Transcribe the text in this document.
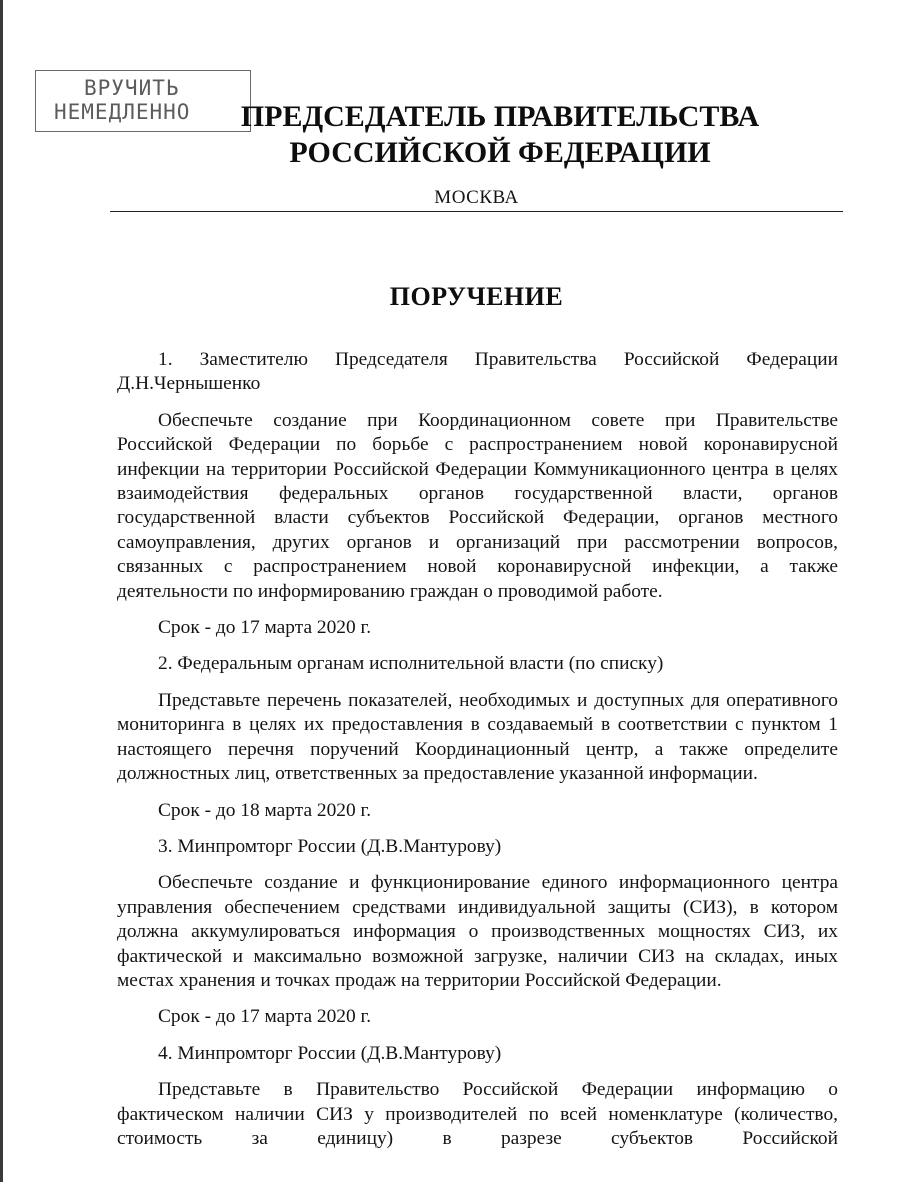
ВРУЧИТЬ
НЕМЕДЛЕННО	ПРЕДСЕДАТЕЛЬ ПРАВИТЕЛЬСТВА
РОССИЙСКОЙ ФЕДЕРАЦИИ
МОСКВА
ПОРУЧЕНИЕ

1. Заместителю Председателя Правительства Российской Федерации Д.Н.Чернышенко

Обеспечьте создание при Координационном совете при Правительстве Российской Федерации по борьбе с распространением новой коронавирусной инфекции на территории Российской Федерации Коммуникационного центра в целях взаимодействия федеральных органов государственной власти, органов государственной власти субъектов Российской Федерации, органов местного самоуправления, других органов и организаций при рассмотрении вопросов, связанных с распространением новой коронавирусной инфекции, а также деятельности по информированию граждан о проводимой работе.

Срок - до 17 марта 2020 г.

2. Федеральным органам исполнительной власти (по списку)

Представьте перечень показателей, необходимых и доступных для оперативного мониторинга в целях их предоставления в создаваемый в соответствии с пунктом 1 настоящего перечня поручений Координационный центр, а также определите должностных лиц, ответственных за предоставление указанной информации.

Срок - до 18 марта 2020 г.

3. Минпромторг России (Д.В.Мантурову)

Обеспечьте создание и функционирование единого информационного центра управления обеспечением средствами индивидуальной защиты (СИЗ), в котором должна аккумулироваться информация о производственных мощностях СИЗ, их фактической и максимально возможной загрузке, наличии СИЗ на складах, иных местах хранения и точках продаж на территории Российской Федерации.

Срок - до 17 марта 2020 г.

4. Минпромторг России (Д.В.Мантурову)

Представьте в Правительство Российской Федерации информацию о фактическом наличии СИЗ у производителей по всей номенклатуре (количество, стоимость за единицу) в разрезе субъектов Российской
